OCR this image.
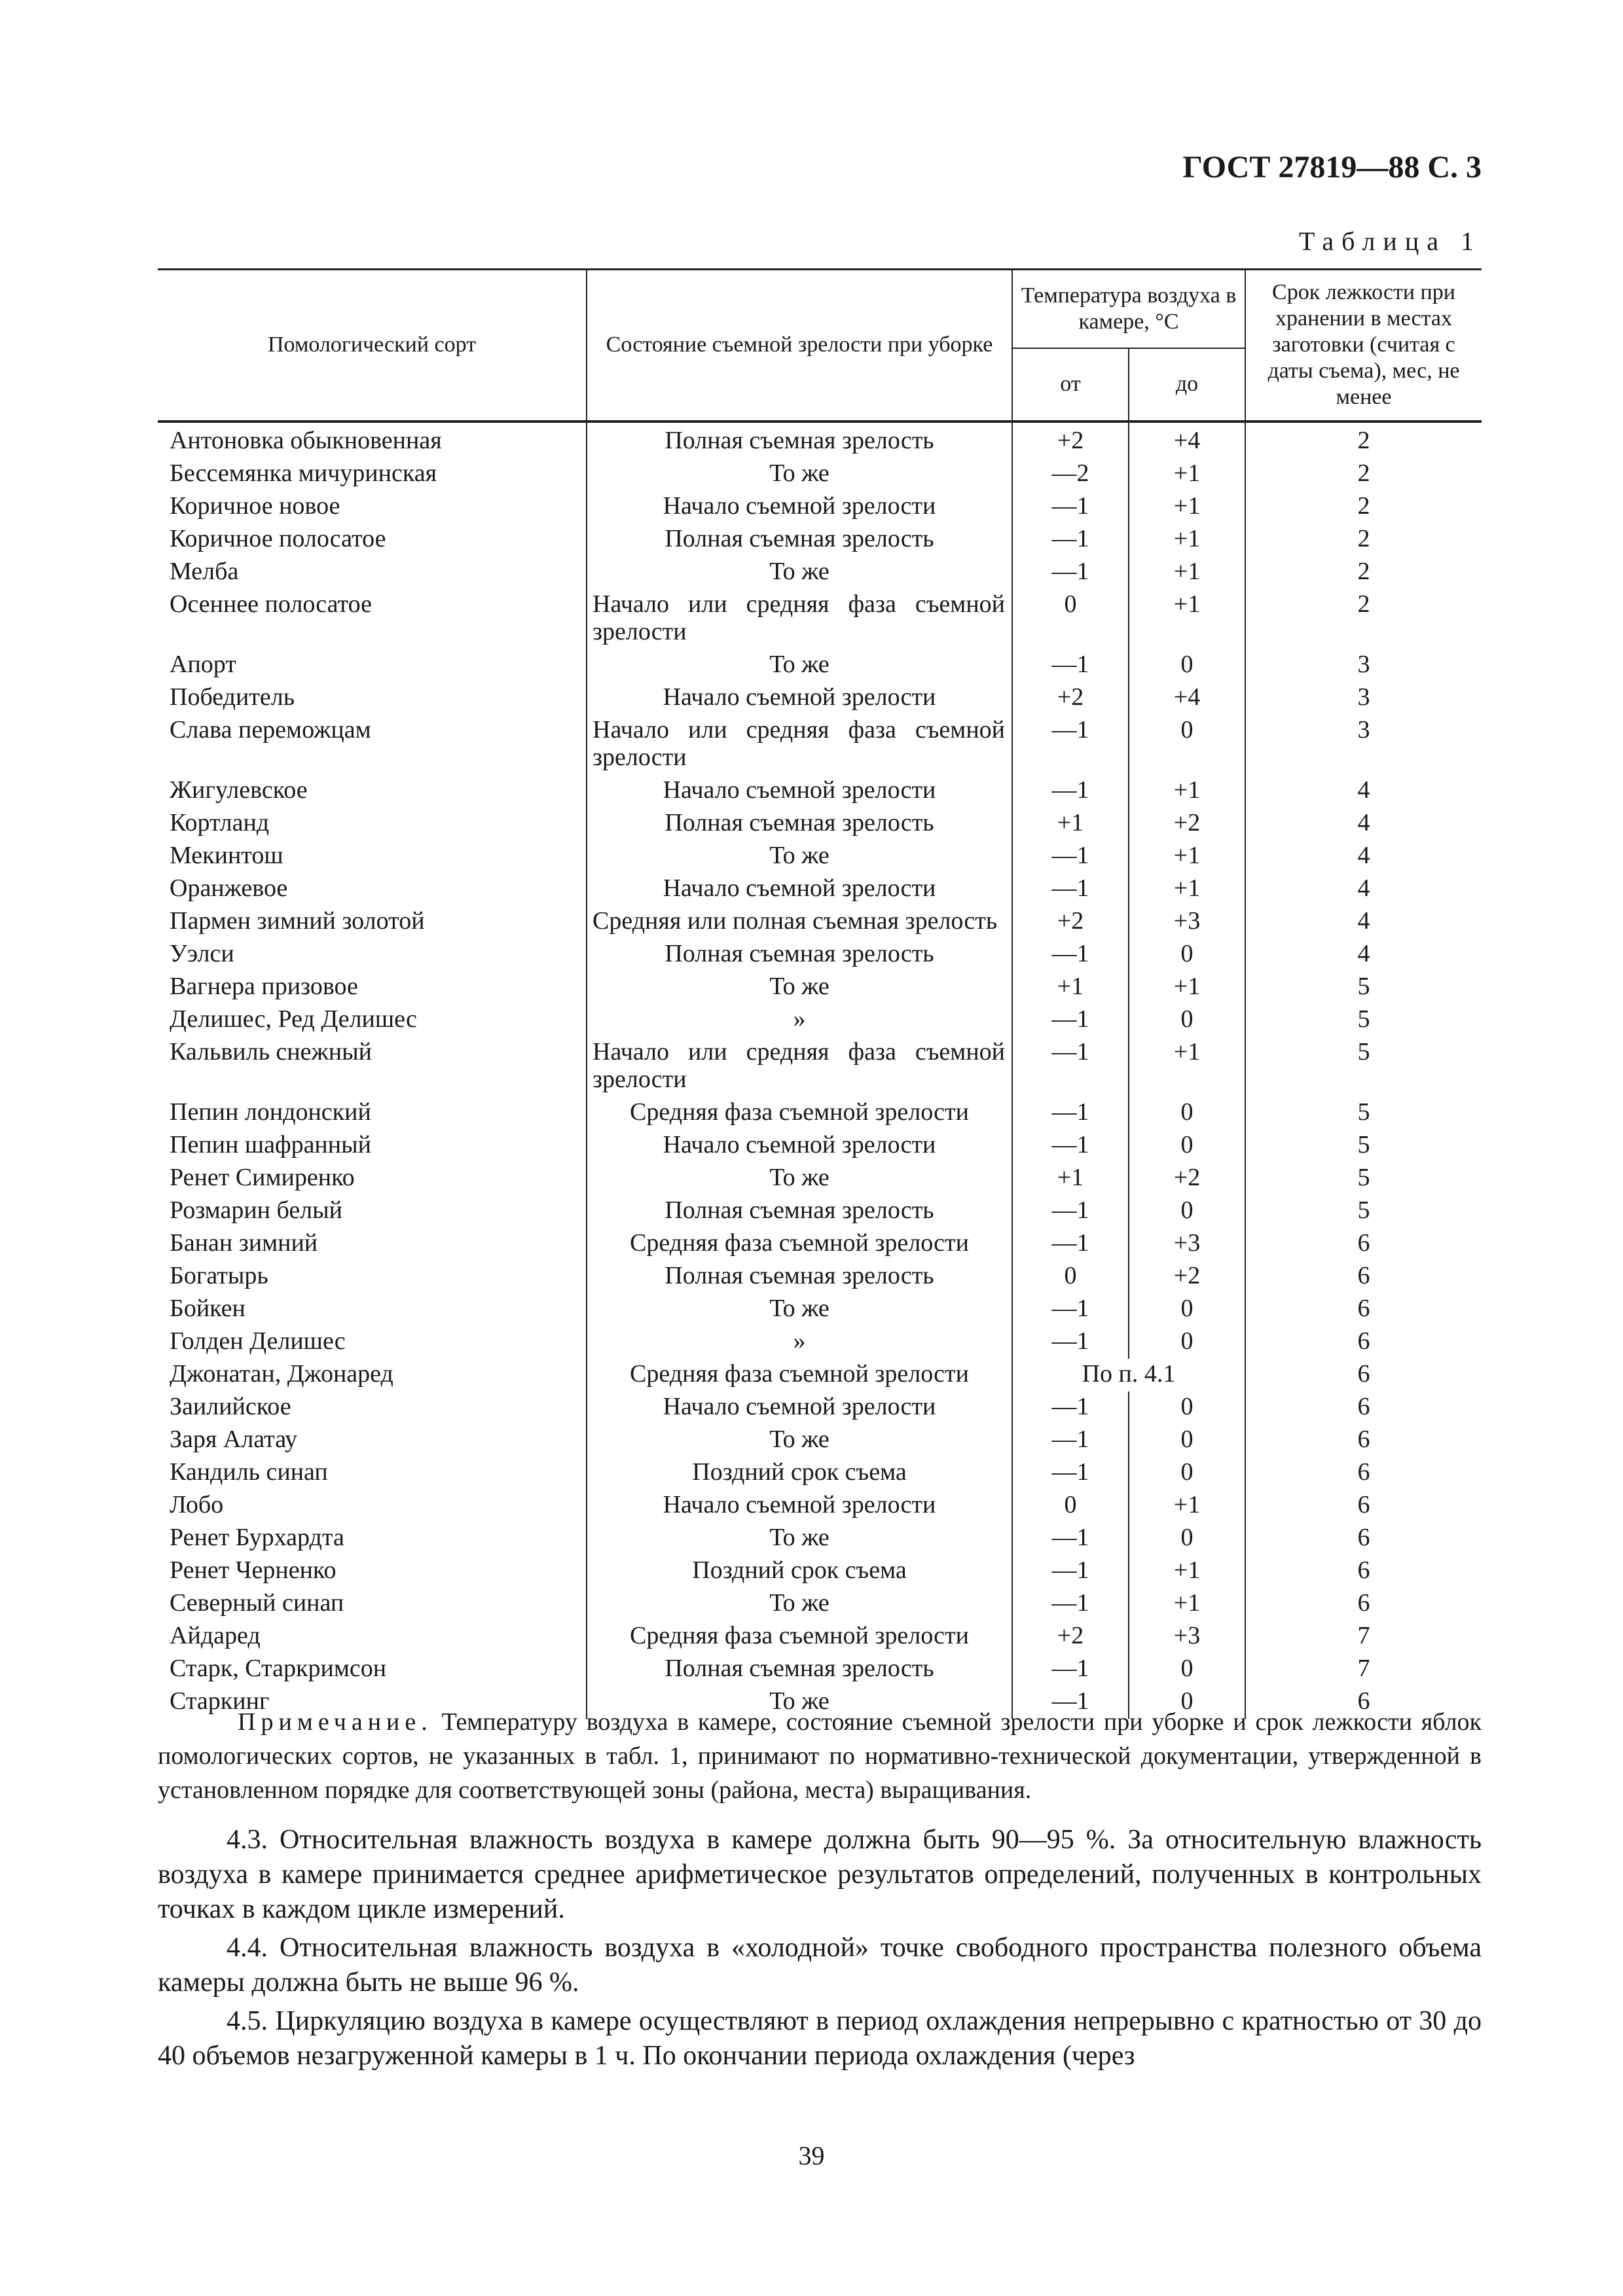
ГОСТ 27819—88 С. 3
Таблица 1
Помологический сорт	Состояние съемной зрелости при уборке	Температура воздуха в камере, °С		Срок лежкости при хранении в местах заготовки (считая с даты съема), мес, не менее
		от	до	
Антоновка обыкновенная	Полная съемная зрелость	+2	+4	2
Бессемянка мичуринская	То же	—2	+1	2
Коричное новое	Начало съемной зрелости	—1	+1	2
Коричное полосатое	Полная съемная зрелость	—1	+1	2
Мелба	То же	—1	+1	2
Осеннее полосатое	Начало или средняя фаза съемной зрелости	0	+1	2
Апорт	То же	—1	0	3
Победитель	Начало съемной зрелости	+2	+4	3
Слава переможцам	Начало или средняя фаза съемной зрелости	—1	0	3
Жигулевское	Начало съемной зрелости	—1	+1	4
Кортланд	Полная съемная зрелость	+1	+2	4
Мекинтош	То же	—1	+1	4
Оранжевое	Начало съемной зрелости	—1	+1	4
Пармен зимний золотой	Средняя или полная съемная зрелость	+2	+3	4
Уэлси	Полная съемная зрелость	—1	0	4
Вагнера призовое	То же	+1	+1	5
Делишес, Ред Делишес	»	—1	0	5
Кальвиль снежный	Начало или средняя фаза съемной зрелости	—1	+1	5
Пепин лондонский	Средняя фаза съемной зрелости	—1	0	5
Пепин шафранный	Начало съемной зрелости	—1	0	5
Ренет Симиренко	То же	+1	+2	5
Розмарин белый	Полная съемная зрелость	—1	0	5
Банан зимний	Средняя фаза съемной зрелости	—1	+3	6
Богатырь	Полная съемная зрелость	0	+2	6
Бойкен	То же	—1	0	6
Голден Делишес	»	—1	0	6
Джонатан, Джонаред	Средняя фаза съемной зрелости	По п. 4.1		6
Заилийское	Начало съемной зрелости	—1	0	6
Заря Алатау	То же	—1	0	6
Кандиль синап	Поздний срок съема	—1	0	6
Лобо	Начало съемной зрелости	0	+1	6
Ренет Бурхардта	То же	—1	0	6
Ренет Черненко	Поздний срок съема	—1	+1	6
Северный синап	То же	—1	+1	6
Айдаред	Средняя фаза съемной зрелости	+2	+3	7
Старк, Старкримсон	Полная съемная зрелость	—1	0	7
Старкинг	То же	—1	0	6
Примечание. Температуру воздуха в камере, состояние съемной зрелости при уборке и срок лежкости яблок помологических сортов, не указанных в табл. 1, принимают по нормативно-технической документации, утвержденной в установленном порядке для соответствующей зоны (района, места) выращивания.

4.3. Относительная влажность воздуха в камере должна быть 90—95 %. За относительную влажность воздуха в камере принимается среднее арифметическое результатов определений, полученных в контрольных точках в каждом цикле измерений.

4.4. Относительная влажность воздуха в «холодной» точке свободного пространства полезного объема камеры должна быть не выше 96 %.

4.5. Циркуляцию воздуха в камере осуществляют в период охлаждения непрерывно с кратностью от 30 до 40 объемов незагруженной камеры в 1 ч. По окончании периода охлаждения (через

39
